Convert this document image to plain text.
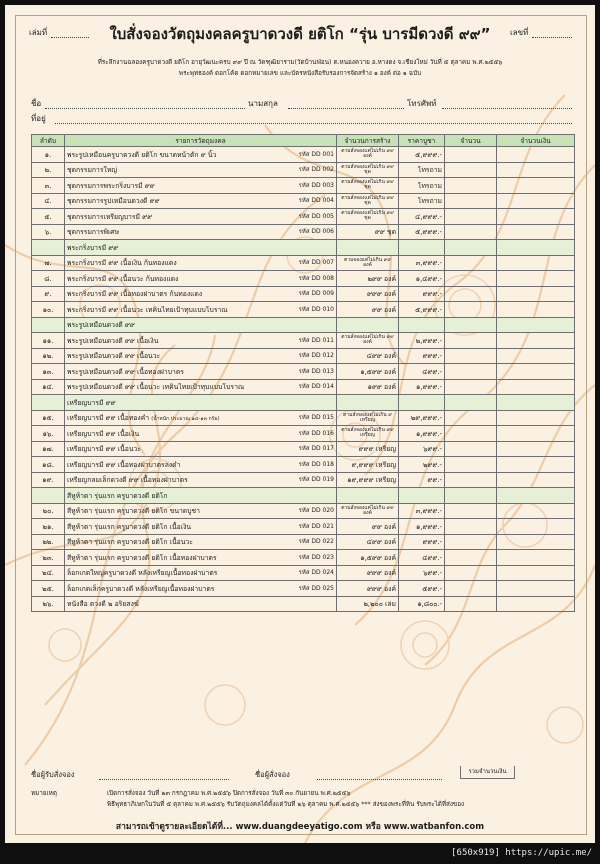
เล่มที่	เลขที่
ใบสั่งจองวัตถุมงคลครูบาดวงดี ยติโก “รุ่น บารมีดวงดี ๙๙”
ที่ระลึกงานฉลองครูบาดวงดี ยติโก อายุวัฒนะครบ ๙๙ ปี ณ วัดฑุฒิยาราม(วัดบ้านฟ่อน) ต.หนองควาย อ.หางดง จ.เชียงใหม่ วันที่ ๕ ตุลาคม พ.ศ.๒๕๕๖
พระพุทธองค์ ดอกโค้ด ดอกหมายเลข และบัตรหนังสือรับรองการจัดสร้าง ๑ องค์ ต่อ ๑ ฉบับ
ชื่อ	นามสกุล	โทรศัพท์
ที่อยู่
ลำดับ	รายการวัตถุมงคล	จำนวนการสร้าง	ราคาบูชา	จำนวน	จำนวนเงิน
๑.	พระรูปเหมือนครูบาดวงดี ยติโก ขนาดหน้าตัก ๙ นิ้ว รหัส DD 001	ตามสั่งจองแต่ไม่เกิน ๙๙ องค์	๕,๙๙๙.-		
๒.	ชุดกรรมการใหญ่ รหัส DD 002	ตามสั่งจองแต่ไม่เกิน ๙๙ ชุด	โทรถาม		
๓.	ชุดกรรมการพระกริ่งบารมี ๙๙ รหัส DD 003	ตามสั่งจองแต่ไม่เกิน ๙๙ ชุด	โทรถาม		
๔.	ชุดกรรมการรูปเหมือนดวงดี ๙๙ รหัส DD 004	ตามสั่งจองแต่ไม่เกิน ๙๙ ชุด	โทรถาม		
๕.	ชุดกรรมการเหรียญบารมี ๙๙ รหัส DD 005	ตามสั่งจองแต่ไม่เกิน ๙๙ ชุด	๔,๙๙๙.-		
๖.	ชุดกรรมการพิเศษ รหัส DD 006	๙๙ ชุด	๕,๙๙๙.-		
	พระกริ่งบารมี ๙๙				
๗.	พระกริ่งบารมี ๙๙ เนื้อเงิน ก้นทองแดง รหัส DD 007	ตามจองแต่ไม่เกิน ๙๙ องค์	๓,๙๙๙.-		
๘.	พระกริ่งบารมี ๙๙ เนื้อนวะ ก้นทองแดง รหัส DD 008	๒๙๙ องค์	๑,๔๙๙.-		
๙.	พระกริ่งบารมี ๙๙ เนื้อทองฝาบาตร ก้นทองแดง รหัส DD 009	๙๙๙ องค์	๙๙๙.-		
๑๐.	พระกริ่งบารมี ๙๙ เนื้อนวะ เทคินไทยเป้าทุบแบบโบราณ รหัส DD 010	๙๙ องค์	๕,๙๙๙.-		
	พระรูปเหมือนดวงดี ๙๙				
๑๑.	พระรูปเหมือนดวงดี ๙๙ เนื้อเงิน รหัส DD 011	ตามสั่งจองแต่ไม่เกิน ๙๙ องค์	๒,๙๙๙.-		
๑๒.	พระรูปเหมือนดวงดี ๙๙ เนื้อนวะ รหัส DD 012	๔๙๙ องค์	๙๙๙.-		
๑๓.	พระรูปเหมือนดวงดี ๙๙ เนื้อทองฝาบาตร รหัส DD 013	๑,๕๙๙ องค์	๔๙๙.-		
๑๔.	พระรูปเหมือนดวงดี ๙๙ เนื้อนวะ เทคินไทยเป้าทุบแบบโบราณ รหัส DD 014	๑๙๙ องค์	๑,๙๙๙.-		
	เหรียญบารมี ๙๙				
๑๕.	เหรียญบารมี ๙๙ เนื้อทองคำ (น้ำหนัก ประมาณ ๑๔-๑๓ กรัม) รหัส DD 015	ตามสั่งจองแต่ไม่เกิน ๙ เหรียญ	๒๙,๙๙๙.-		
๑๖.	เหรียญบารมี ๙๙ เนื้อเงิน รหัส DD 016	ตามสั่งจองแต่ไม่เกิน ๙๙ เหรียญ	๑,๙๙๙.-		
๑๗.	เหรียญบารมี ๙๙ เนื้อนวะ รหัส DD 017	๙๙๙ เหรียญ	๖๙๙.-		
๑๘.	เหรียญบารมี ๙๙ เนื้อทองฝาบาตรลงดำ รหัส DD 018	๙,๙๙๙ เหรียญ	๒๙๙.-		
๑๙.	เหรียญกลมเล็กดวงดี ๙๙ เนื้อทองฝาบาตร รหัส DD 019	๑๙,๙๙๙ เหรียญ	๙๙.-		
	สีหูห้าตา รุ่นแรก ครูบาดวงดี ยติโก				
๒๐.	สีหูห้าตา รุ่นแรก ครูบาดวงดี ยติโก ขนาดบูชา รหัส DD 020	ตามสั่งจองแต่ไม่เกิน ๙๙ องค์	๓,๙๙๙.-		
๒๑.	สีหูห้าตา รุ่นแรก ครูบาดวงดี ยติโก เนื้อเงิน รหัส DD 021	๙๙ องค์	๑,๙๙๙.-		
๒๒.	สีหูห้าตา รุ่นแรก ครูบาดวงดี ยติโก เนื้อนวะ รหัส DD 022	๔๙๙ องค์	๙๙๙.-		
๒๓.	สีหูห้าตา รุ่นแรก ครูบาดวงดี ยติโก เนื้อทองฝาบาตร รหัส DD 023	๑,๕๙๙ องค์	๔๙๙.-		
๒๔.	ล็อกเกตใหญ่ครูบาดวงดี หลังเหรียญเนื้อทองฝาบาตร รหัส DD 024	๙๙๙ องค์	๖๙๙.-		
๒๕.	ล็อกเกตเล็กครูบาดวงดี หลังเหรียญเนื้อทองฝาบาตร รหัส DD 025	๙๙๙ องค์	๕๙๙.-		
๒๖.	หนังสือ ดวงดี ๒ อริยสงฆ์	๒,๒๐๐ เล่ม	๑,๘๐๐.-		
รวมจำนวนเงิน
ชื่อผู้รับสั่งจอง	ชื่อผู้สั่งจอง
หมายเหตุ	เปิดการสั่งจอง วันที่ ๒๓ กรกฎาคม พ.ศ.๒๕๕๖ ปิดการสั่งจอง วันที่ ๓๐ กันยายน พ.ศ.๒๕๕๖
พิธีพุทธาภิเษกในวันที่ ๕ ตุลาคม พ.ศ.๒๕๕๖ รับวัตถุมงคลได้ตั้งแต่วันที่ ๒๖ ตุลาคม พ.ศ.๒๕๕๖ *** ส่งของพระที่หิน รับพระได้ที่ส่งของ
สามารถเข้าดูรายละเอียดได้ที่... www.duangdeeyatigo.com หรือ www.watbanfon.com
[650x919] https://upic.me/
